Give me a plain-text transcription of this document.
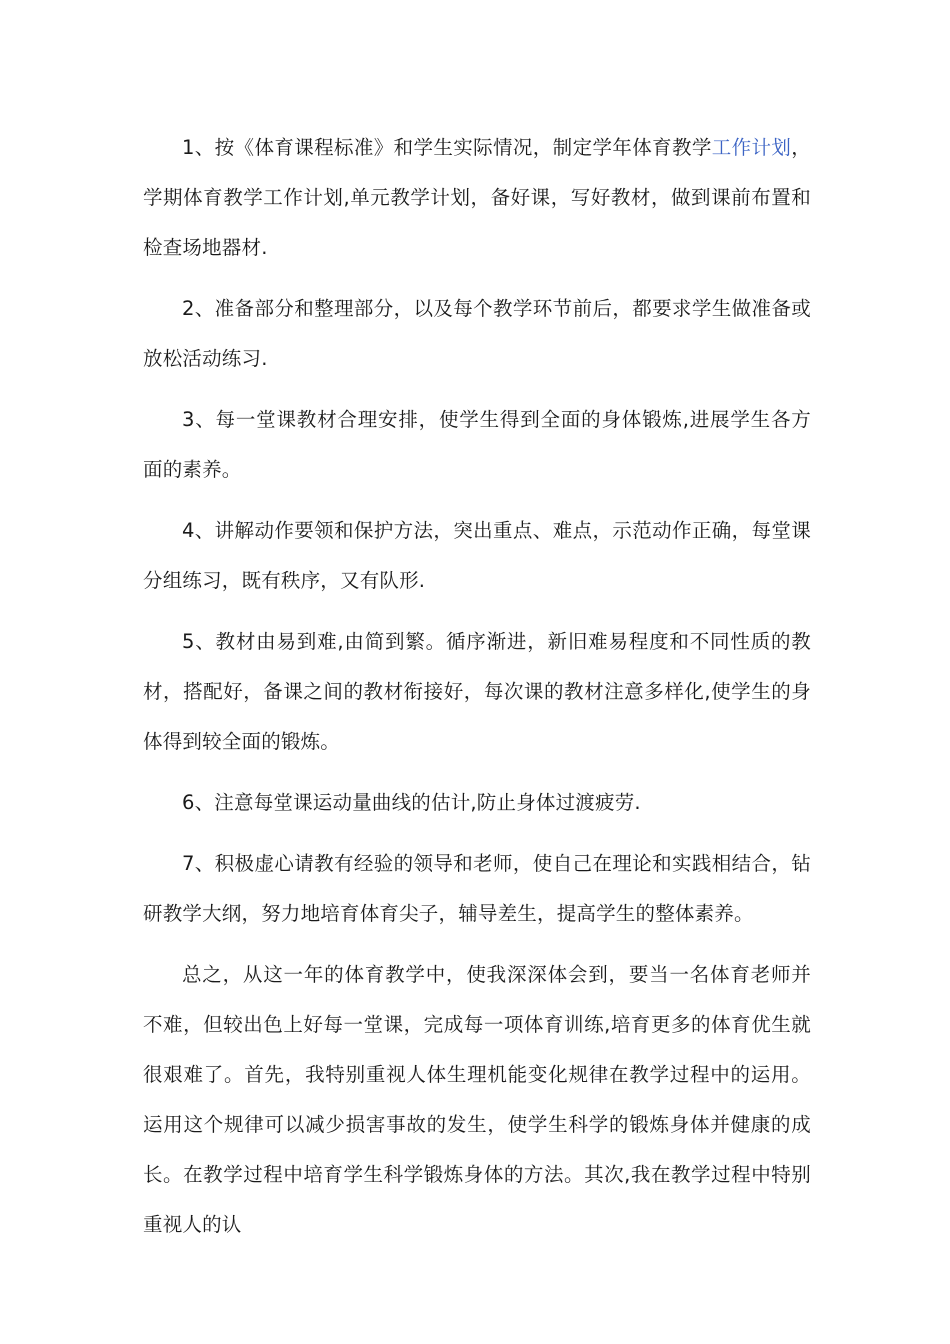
1、按《体育课程标准》和学生实际情况，制定学年体育教学工作计划，学期体育教学工作计划,单元教学计划，备好课，写好教材，做到课前布置和检查场地器材.

2、准备部分和整理部分，以及每个教学环节前后，都要求学生做准备或放松活动练习.

3、每一堂课教材合理安排，使学生得到全面的身体锻炼,进展学生各方面的素养。

4、讲解动作要领和保护方法，突出重点、难点，示范动作正确，每堂课分组练习，既有秩序，又有队形.

5、教材由易到难,由简到繁。循序渐进，新旧难易程度和不同性质的教材，搭配好，备课之间的教材衔接好，每次课的教材注意多样化,使学生的身体得到较全面的锻炼。

6、注意每堂课运动量曲线的估计,防止身体过渡疲劳.

7、积极虚心请教有经验的领导和老师，使自己在理论和实践相结合，钻研教学大纲，努力地培育体育尖子，辅导差生，提高学生的整体素养。

总之，从这一年的体育教学中，使我深深体会到，要当一名体育老师并不难，但较出色上好每一堂课，完成每一项体育训练,培育更多的体育优生就很艰难了。首先，我特别重视人体生理机能变化规律在教学过程中的运用。运用这个规律可以减少损害事故的发生，使学生科学的锻炼身体并健康的成长。在教学过程中培育学生科学锻炼身体的方法。其次,我在教学过程中特别重视人的认
